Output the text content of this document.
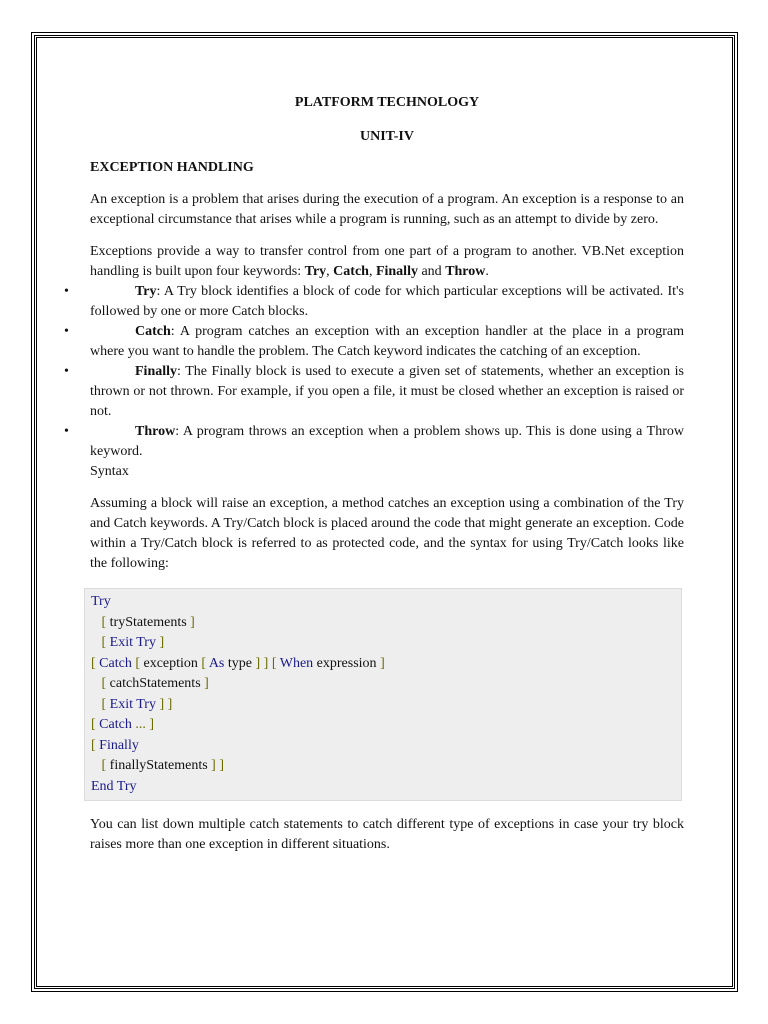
PLATFORM TECHNOLOGY
UNIT-IV
EXCEPTION HANDLING

An exception is a problem that arises during the execution of a program. An exception is a response to an exceptional circumstance that arises while a program is running, such as an attempt to divide by zero.

Exceptions provide a way to transfer control from one part of a program to another. VB.Net exception handling is built upon four keywords: Try, Catch, Finally and Throw.

•	Try: A Try block identifies a block of code for which particular exceptions will be activated. It's followed by one or more Catch blocks.
•	Catch: A program catches an exception with an exception handler at the place in a program where you want to handle the problem. The Catch keyword indicates the catching of an exception.
•	Finally: The Finally block is used to execute a given set of statements, whether an exception is thrown or not thrown. For example, if you open a file, it must be closed whether an exception is raised or not.
•	Throw: A program throws an exception when a problem shows up. This is done using a Throw keyword.

Syntax

Assuming a block will raise an exception, a method catches an exception using a combination of the Try and Catch keywords. A Try/Catch block is placed around the code that might generate an exception. Code within a Try/Catch block is referred to as protected code, and the syntax for using Try/Catch looks like the following:

Try
[ tryStatements ]
[ Exit Try ]
[ Catch [ exception [ As type ] ] [ When expression ]
[ catchStatements ]
[ Exit Try ] ]
[ Catch ... ]
[ Finally
[ finallyStatements ] ]
End Try

You can list down multiple catch statements to catch different type of exceptions in case your try block raises more than one exception in different situations.
